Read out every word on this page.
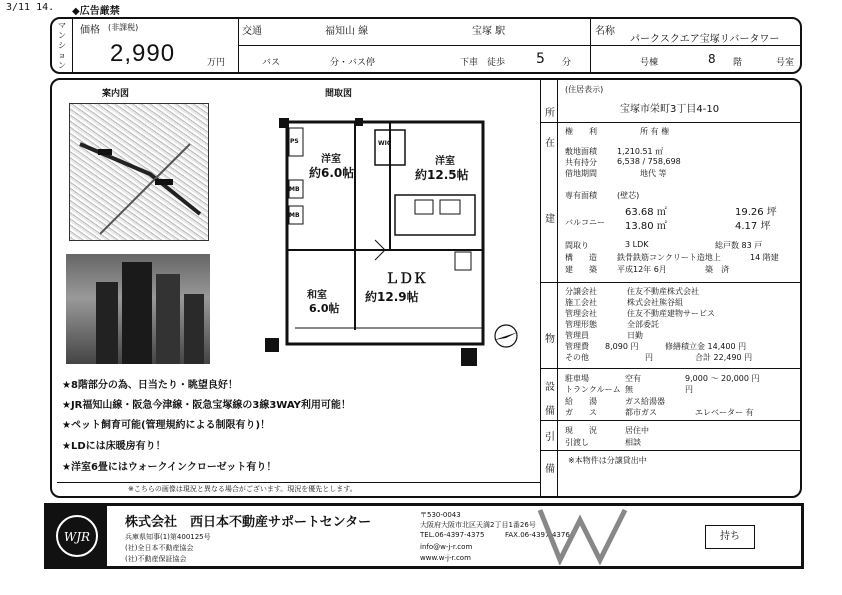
3/11 14. ◆広告厳禁
マ
ン
シ
ョ
ン
価格 (非課税)
2,990	万円
交通	福知山 線	宝塚 駅
バス	分・バス停	下車　徒歩 5 分
名称
パークスクエア宝塚リバータワー
号棟	8 階	号室
案内図	間取図
PS
MB
MB
WIC
洋室
約6.0帖
洋室
約12.5帖
和室
6.0帖
ＬＤＫ
約12.9帖
★8階部分の為、日当たり・眺望良好！
★JR福知山線・阪急今津線・阪急宝塚線の3線3WAY利用可能！
★ペット飼育可能(管理規約による制限有り)！
★LDには床暖房有り！
★洋室6畳にはウォークインクローゼット有り！
※こちらの画像は現況と異なる場合がございます。現況を優先とします。
所
在
建
物
設
備
引
備
(住居表示)
宝塚市栄町3丁目4-10
権　　利	所 有 権
敷地面積	1,210.51 ㎡
共有持分	6,538 / 758,698
借地期間	地代 等
専有面積	(壁芯)
63.68 ㎡	19.26 坪
バルコニー 13.80 ㎡	4.17 坪
間取り	3 LDK	総戸数 83 戸
構　　造	鉄骨鉄筋コンクリート造地上	14 階建
建　　築	平成12年 6月	築　済
分譲会社	住友不動産株式会社
施工会社	株式会社熊谷組
管理会社	住友不動産建物サービス
管理形態	全部委託
管理員	日勤
管理費 8,090 円	修繕積立金 14,400 円
その他	円	合計 22,490 円
駐車場	空有	9,000 ～ 20,000 円
トランクルーム 無	円
給　　湯	ガス給湯器
ガ　　ス	都市ガス	エレベーター 有
現　　況	居住中
引渡し	相談
※本物件は分譲貸出中
WJR
株式会社　西日本不動産サポートセンター
兵庫県知事(1)第400125号
(社)全日本不動産協会
(社)不動産保証協会
〒530-0043
大阪府大阪市北区天満2丁目1番26号
TEL.06-4397-4375	FAX.06-4397-4376
info@w-j-r.com
www.w-j-r.com
持ち
